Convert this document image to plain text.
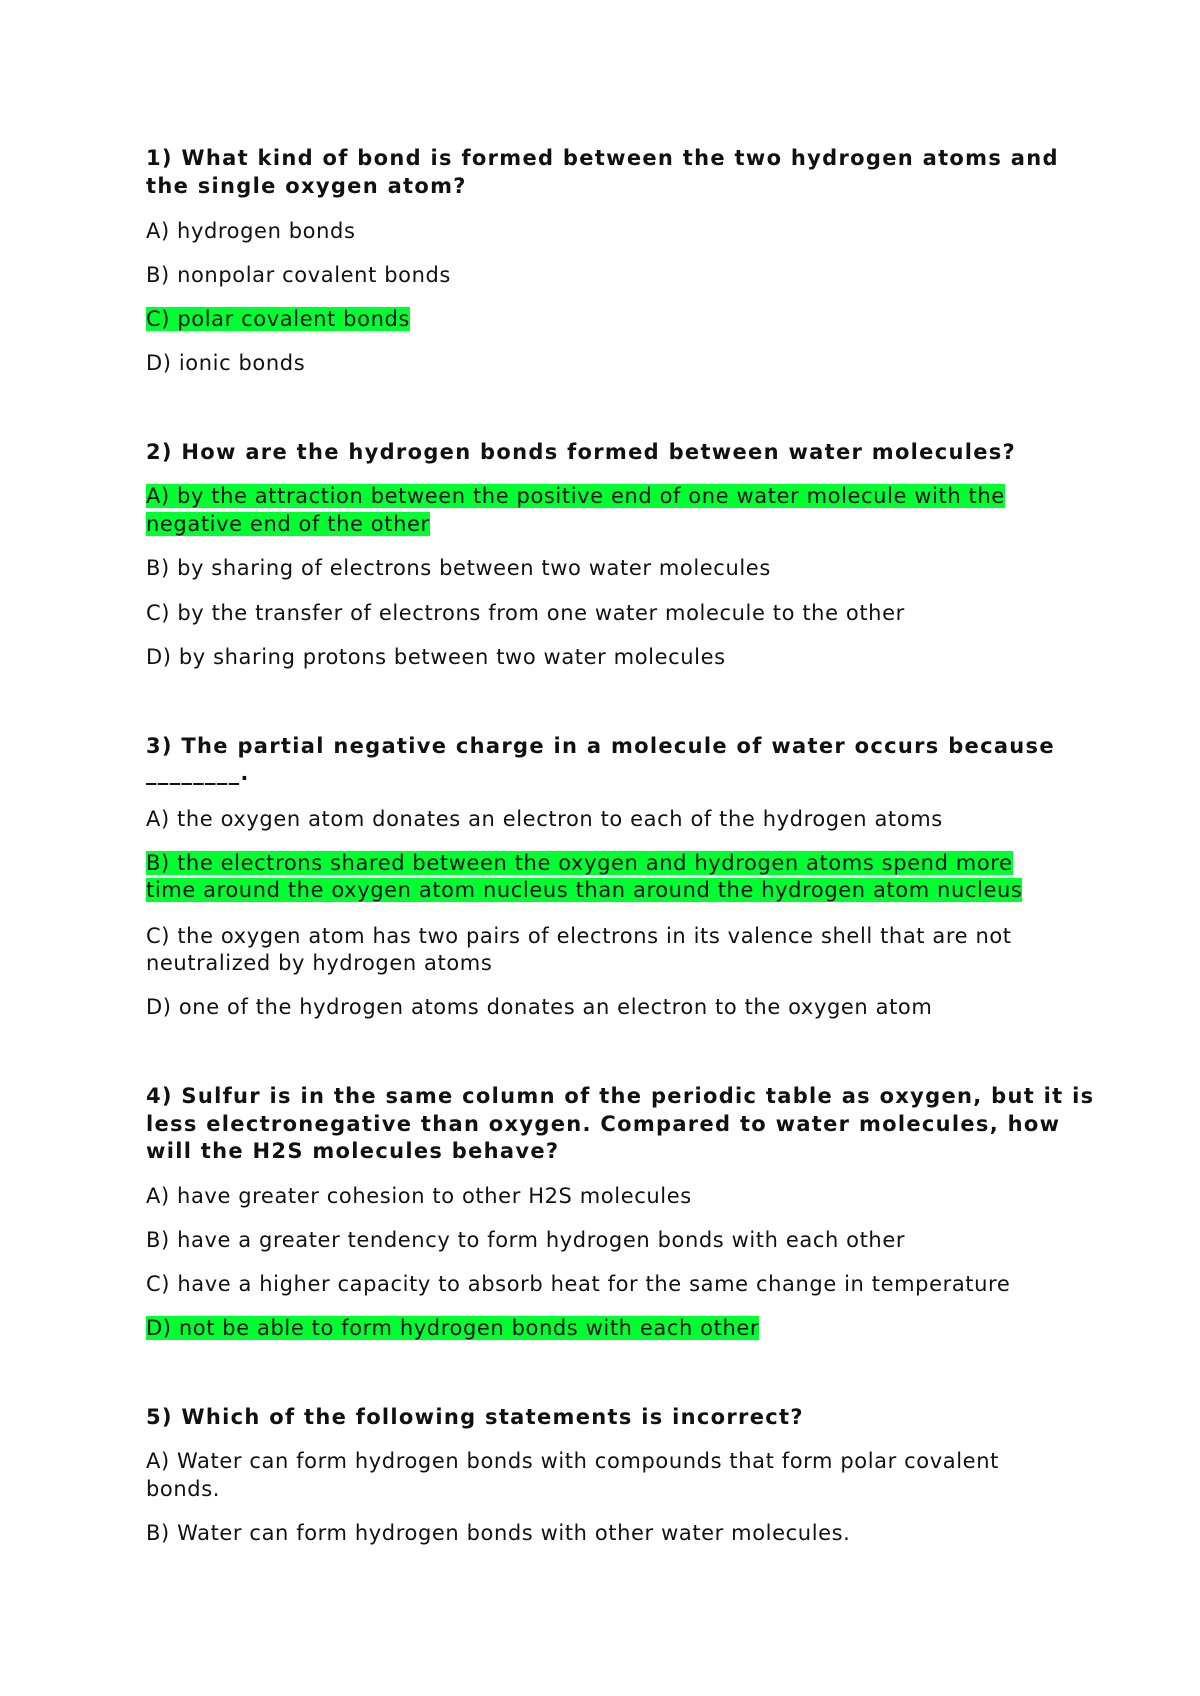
1) What kind of bond is formed between the two hydrogen atoms and
the single oxygen atom?
A) hydrogen bonds
B) nonpolar covalent bonds
C) polar covalent bonds
D) ionic bonds
2) How are the hydrogen bonds formed between water molecules?
A) by the attraction between the positive end of one water molecule with the
negative end of the other
B) by sharing of electrons between two water molecules
C) by the transfer of electrons from one water molecule to the other
D) by sharing protons between two water molecules
3) The partial negative charge in a molecule of water occurs because
________.
A) the oxygen atom donates an electron to each of the hydrogen atoms
B) the electrons shared between the oxygen and hydrogen atoms spend more
time around the oxygen atom nucleus than around the hydrogen atom nucleus
C) the oxygen atom has two pairs of electrons in its valence shell that are not
neutralized by hydrogen atoms
D) one of the hydrogen atoms donates an electron to the oxygen atom
4) Sulfur is in the same column of the periodic table as oxygen, but it is
less electronegative than oxygen. Compared to water molecules, how
will the H2S molecules behave?
A) have greater cohesion to other H2S molecules
B) have a greater tendency to form hydrogen bonds with each other
C) have a higher capacity to absorb heat for the same change in temperature
D) not be able to form hydrogen bonds with each other
5) Which of the following statements is incorrect?
A) Water can form hydrogen bonds with compounds that form polar covalent
bonds.
B) Water can form hydrogen bonds with other water molecules.
